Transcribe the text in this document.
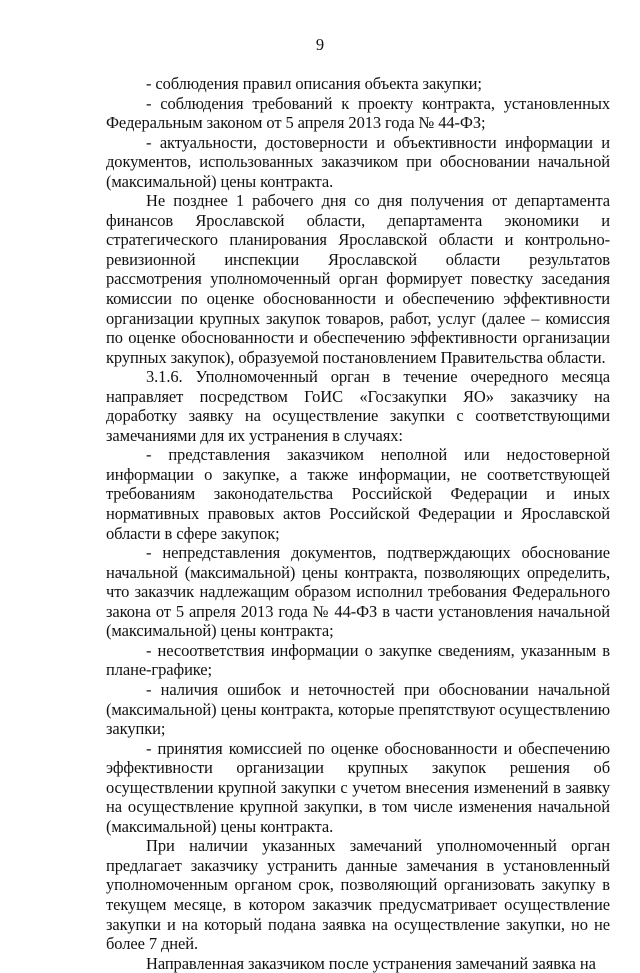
9

- соблюдения правил описания объекта закупки;

- соблюдения требований к проекту контракта, установленных Федеральным законом от 5 апреля 2013 года № 44-ФЗ;

- актуальности, достоверности и объективности информации и документов, использованных заказчиком при обосновании начальной (максимальной) цены контракта.

Не позднее 1 рабочего дня со дня получения от департамента финансов Ярославской области, департамента экономики и стратегического планирования Ярославской области и контрольно-ревизионной инспекции Ярославской области результатов рассмотрения уполномоченный орган формирует повестку заседания комиссии по оценке обоснованности и обеспечению эффективности организации крупных закупок товаров, работ, услуг (далее – комиссия по оценке обоснованности и обеспечению эффективности организации крупных закупок), образуемой постановлением Правительства области.

3.1.6. Уполномоченный орган в течение очередного месяца направляет посредством ГоИС «Госзакупки ЯО» заказчику на доработку заявку на осуществление закупки с соответствующими замечаниями для их устранения в случаях:

- представления заказчиком неполной или недостоверной информации о закупке, а также информации, не соответствующей требованиям законодательства Российской Федерации и иных нормативных правовых актов Российской Федерации и Ярославской области в сфере закупок;

- непредставления документов, подтверждающих обоснование начальной (максимальной) цены контракта, позволяющих определить, что заказчик надлежащим образом исполнил требования Федерального закона от 5 апреля 2013 года № 44-ФЗ в части установления начальной (максимальной) цены контракта;

- несоответствия информации о закупке сведениям, указанным в плане-графике;

- наличия ошибок и неточностей при обосновании начальной (максимальной) цены контракта, которые препятствуют осуществлению закупки;

- принятия комиссией по оценке обоснованности и обеспечению эффективности организации крупных закупок решения об осуществлении крупной закупки с учетом внесения изменений в заявку на осуществление крупной закупки, в том числе изменения начальной (максимальной) цены контракта.

При наличии указанных замечаний уполномоченный орган предлагает заказчику устранить данные замечания в установленный уполномоченным органом срок, позволяющий организовать закупку в текущем месяце, в котором заказчик предусматривает осуществление закупки и на который подана заявка на осуществление закупки, но не более 7 дней.

Направленная заказчиком после устранения замечаний заявка на
